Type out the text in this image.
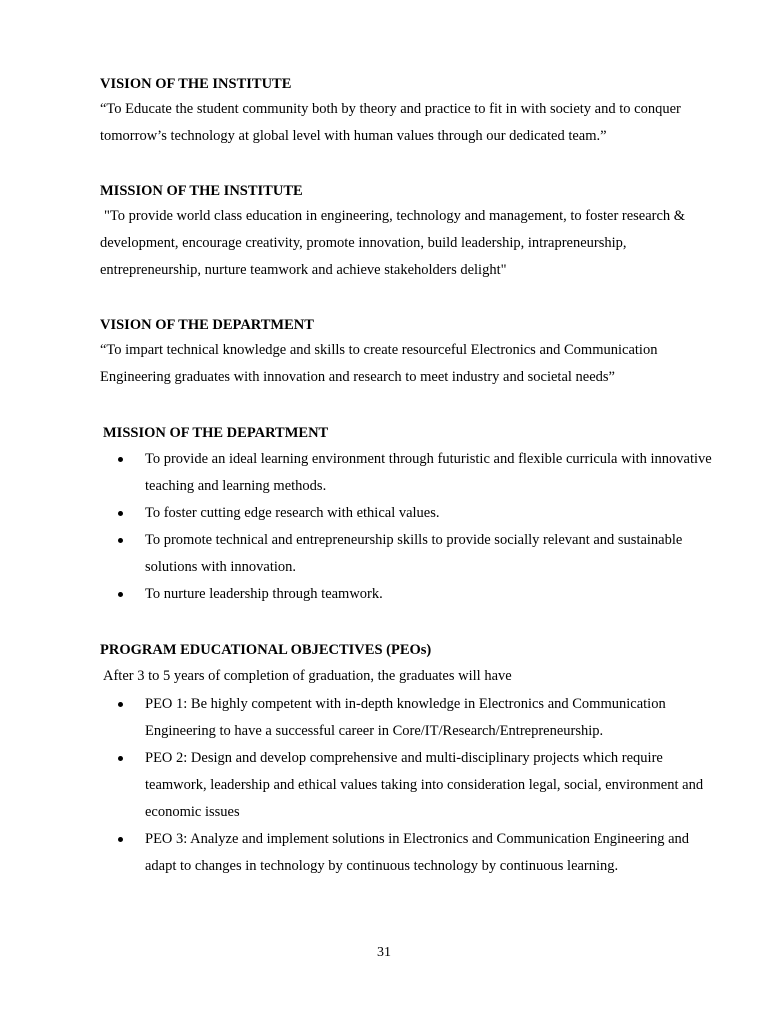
VISION OF THE INSTITUTE

“To Educate the student community both by theory and practice to fit in with society and to conquer tomorrow’s technology at global level with human values through our dedicated team.”

MISSION OF THE INSTITUTE

"To provide world class education in engineering, technology and management, to foster research & development, encourage creativity, promote innovation, build leadership, intrapreneurship, entrepreneurship, nurture teamwork and achieve stakeholders delight"

VISION OF THE DEPARTMENT

“To impart technical knowledge and skills to create resourceful Electronics and Communication Engineering graduates with innovation and research to meet industry and societal needs”

MISSION OF THE DEPARTMENT
To provide an ideal learning environment through futuristic and flexible curricula with innovative teaching and learning methods.
To foster cutting edge research with ethical values.
To promote technical and entrepreneurship skills to provide socially relevant and sustainable solutions with innovation.
To nurture leadership through teamwork.
PROGRAM EDUCATIONAL OBJECTIVES (PEOs)

After 3 to 5 years of completion of graduation, the graduates will have

PEO 1: Be highly competent with in-depth knowledge in Electronics and Communication Engineering to have a successful career in Core/IT/Research/Entrepreneurship.
PEO 2: Design and develop comprehensive and multi-disciplinary projects which require teamwork, leadership and ethical values taking into consideration legal, social, environment and economic issues
PEO 3: Analyze and implement solutions in Electronics and Communication Engineering and adapt to changes in technology by continuous technology by continuous learning.
31
